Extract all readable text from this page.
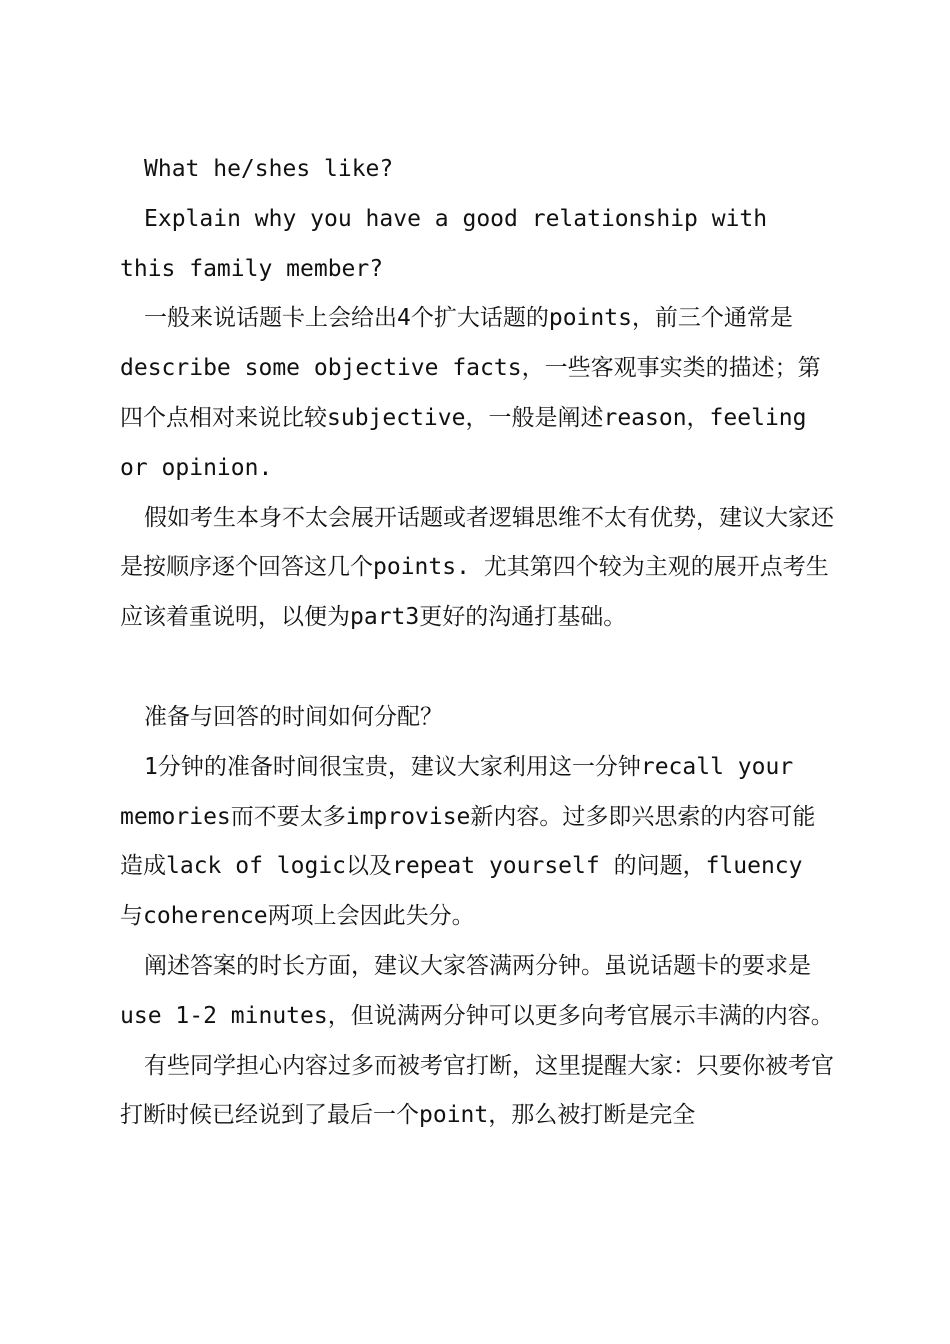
What he/shes like?

Explain why you have a good relationship with this family member?

一般来说话题卡上会给出4个扩大话题的points，前三个通常是describe some objective facts，一些客观事实类的描述；第四个点相对来说比较subjective，一般是阐述reason，feeling or opinion.

假如考生本身不太会展开话题或者逻辑思维不太有优势，建议大家还是按顺序逐个回答这几个points. 尤其第四个较为主观的展开点考生应该着重说明，以便为part3更好的沟通打基础。

准备与回答的时间如何分配？

1分钟的准备时间很宝贵，建议大家利用这一分钟recall your memories而不要太多improvise新内容。过多即兴思索的内容可能造成lack of logic以及repeat yourself 的问题，fluency 与coherence两项上会因此失分。

阐述答案的时长方面，建议大家答满两分钟。虽说话题卡的要求是use 1-2 minutes，但说满两分钟可以更多向考官展示丰满的内容。

有些同学担心内容过多而被考官打断，这里提醒大家：只要你被考官打断时候已经说到了最后一个point，那么被打断是完全
